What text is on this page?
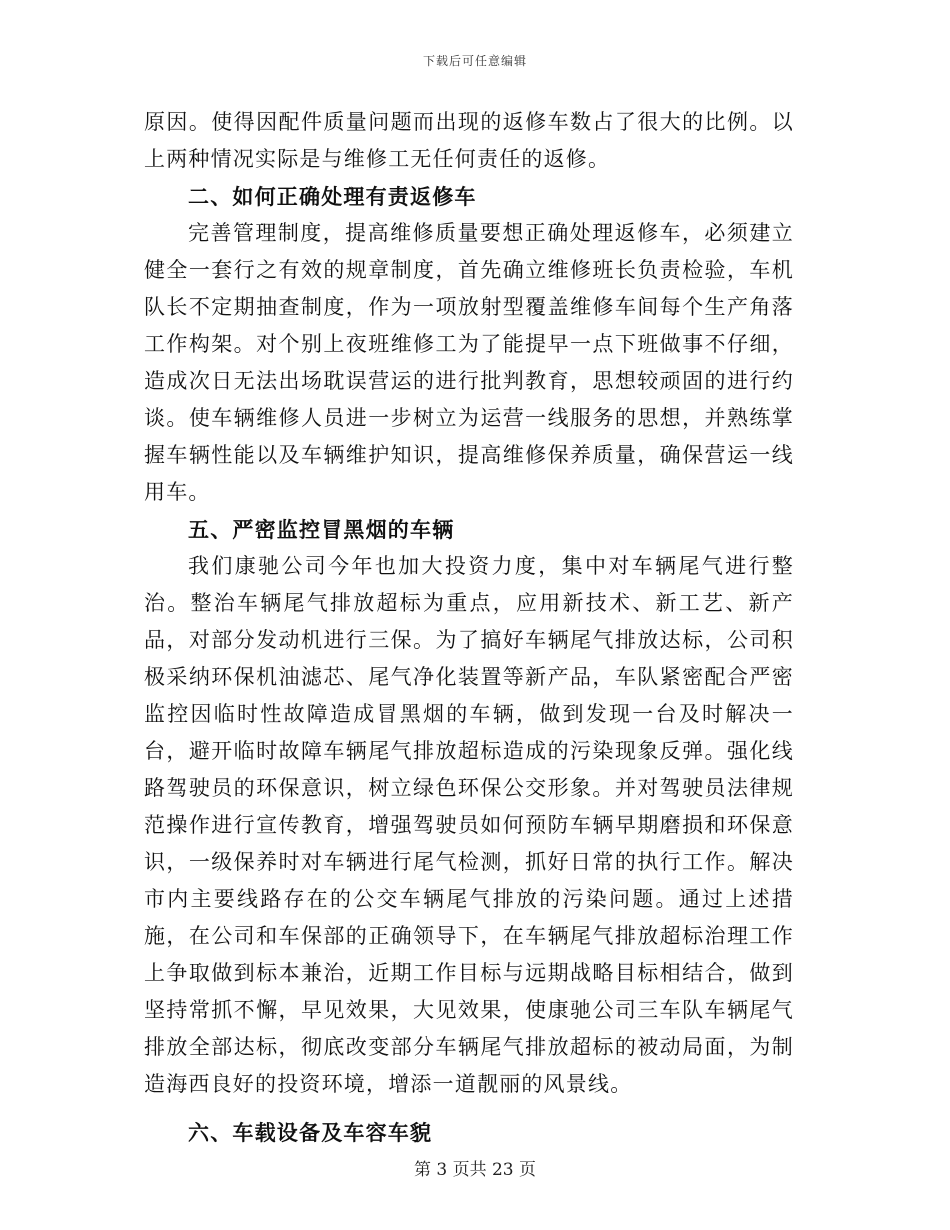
下载后可任意编辑

原因。使得因配件质量问题而出现的返修车数占了很大的比例。以上两种情况实际是与维修工无任何责任的返修。

二、如何正确处理有责返修车

完善管理制度，提高维修质量要想正确处理返修车，必须建立健全一套行之有效的规章制度，首先确立维修班长负责检验，车机队长不定期抽查制度，作为一项放射型覆盖维修车间每个生产角落工作构架。对个别上夜班维修工为了能提早一点下班做事不仔细，造成次日无法出场耽误营运的进行批判教育，思想较顽固的进行约谈。使车辆维修人员进一步树立为运营一线服务的思想，并熟练掌握车辆性能以及车辆维护知识，提高维修保养质量，确保营运一线用车。

五、严密监控冒黑烟的车辆

我们康驰公司今年也加大投资力度，集中对车辆尾气进行整治。整治车辆尾气排放超标为重点，应用新技术、新工艺、新产品，对部分发动机进行三保。为了搞好车辆尾气排放达标，公司积极采纳环保机油滤芯、尾气净化装置等新产品，车队紧密配合严密监控因临时性故障造成冒黑烟的车辆，做到发现一台及时解决一台，避开临时故障车辆尾气排放超标造成的污染现象反弹。强化线路驾驶员的环保意识，树立绿色环保公交形象。并对驾驶员法律规范操作进行宣传教育，增强驾驶员如何预防车辆早期磨损和环保意识，一级保养时对车辆进行尾气检测，抓好日常的执行工作。解决市内主要线路存在的公交车辆尾气排放的污染问题。通过上述措施，在公司和车保部的正确领导下，在车辆尾气排放超标治理工作上争取做到标本兼治，近期工作目标与远期战略目标相结合，做到坚持常抓不懈，早见效果，大见效果，使康驰公司三车队车辆尾气排放全部达标，彻底改变部分车辆尾气排放超标的被动局面，为制造海西良好的投资环境，增添一道靓丽的风景线。

六、车载设备及车容车貌

第 3 页共 23 页
